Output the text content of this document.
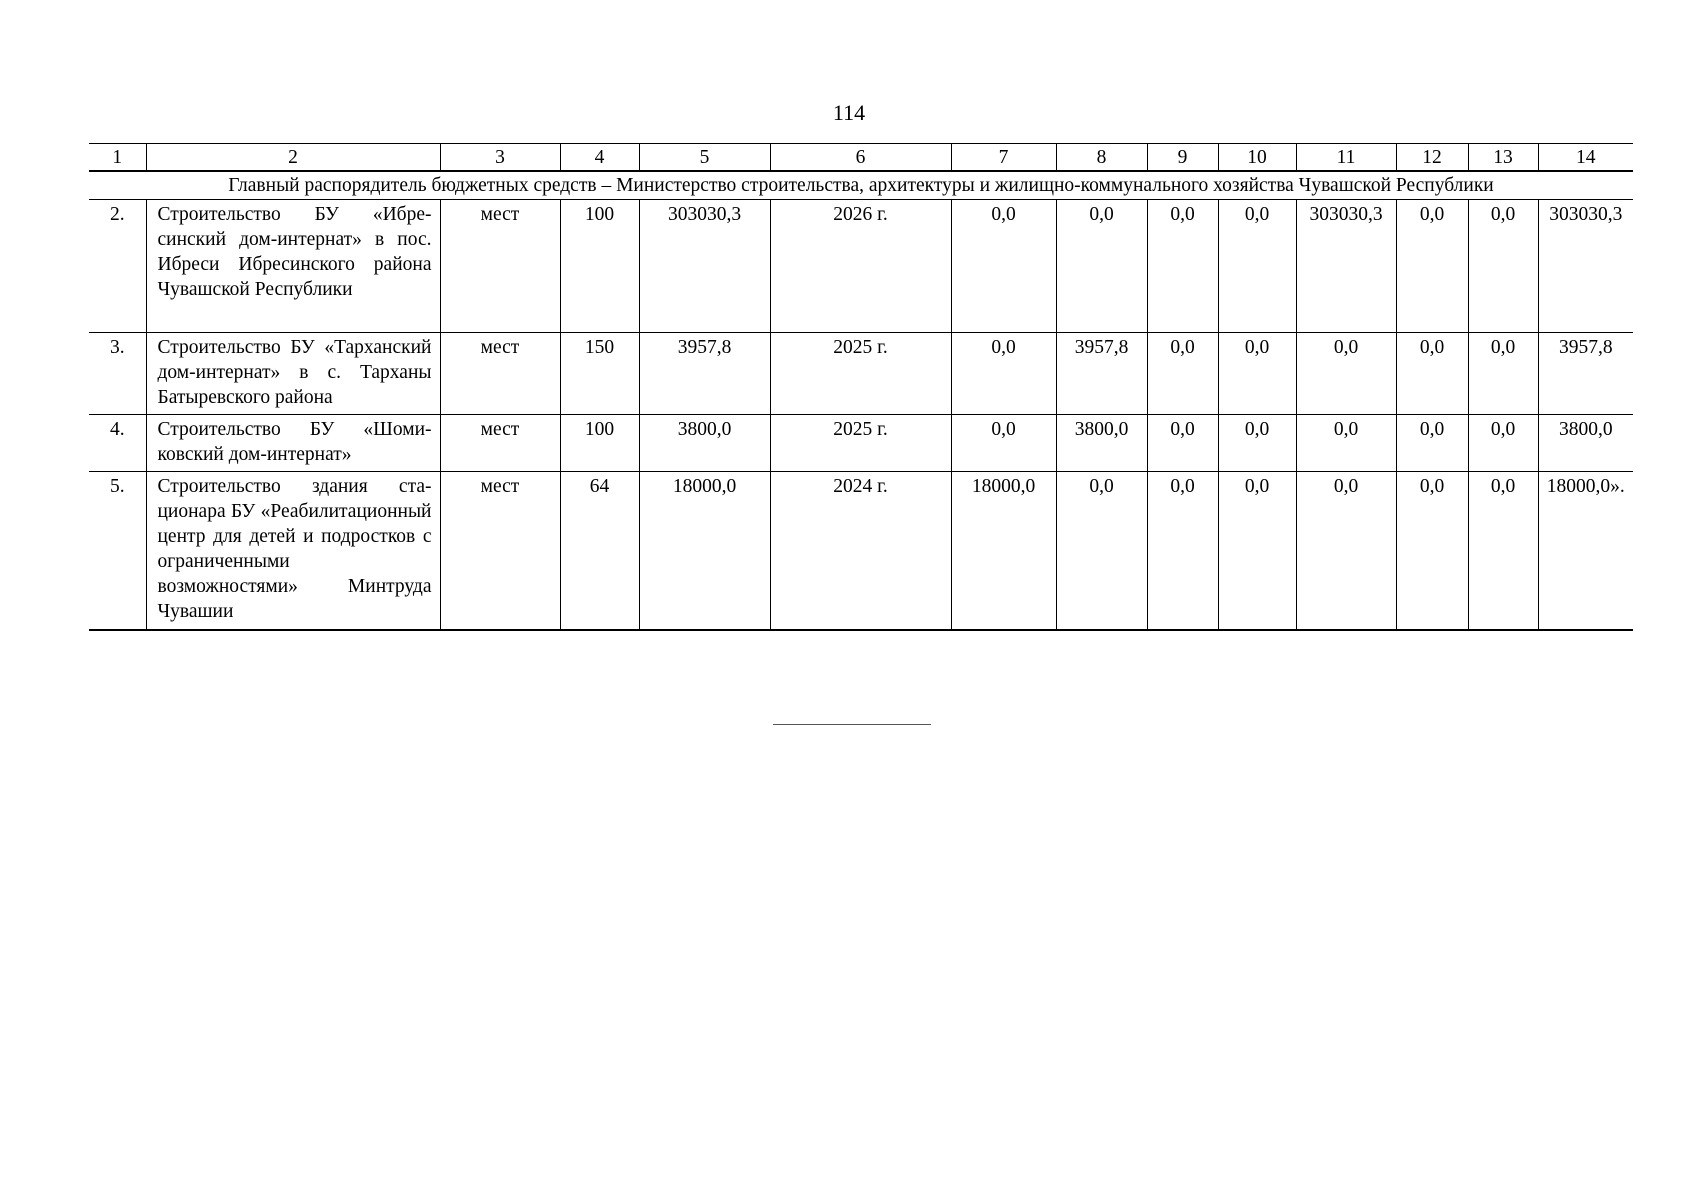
114
1	2	3	4	5	6	7	8	9	10	11	12	13	14
Главный распорядитель бюджетных средств – Министерство строительства, архитектуры и жилищно-коммунального хозяйства Чувашской Республики													
2.	Строительство БУ «Ибресинский дом-интернат» в пос. Ибреси Ибресинского района Чувашской Республики	мест	100	303030,3	2026 г.	0,0	0,0	0,0	0,0	303030,3	0,0	0,0	303030,3
3.	Строительство БУ «Тарханский дом-интернат» в с. Тарханы Батыревского района	мест	150	3957,8	2025 г.	0,0	3957,8	0,0	0,0	0,0	0,0	0,0	3957,8
4.	Строительство БУ «Шомиковский дом-интернат»	мест	100	3800,0	2025 г.	0,0	3800,0	0,0	0,0	0,0	0,0	0,0	3800,0
5.	Строительство здания стационара БУ «Реабилитационный центр для детей и подростков с ограниченными возможностями» Минтруда Чувашии	мест	64	18000,0	2024 г.	18000,0	0,0	0,0	0,0	0,0	0,0	0,0	18000,0».
